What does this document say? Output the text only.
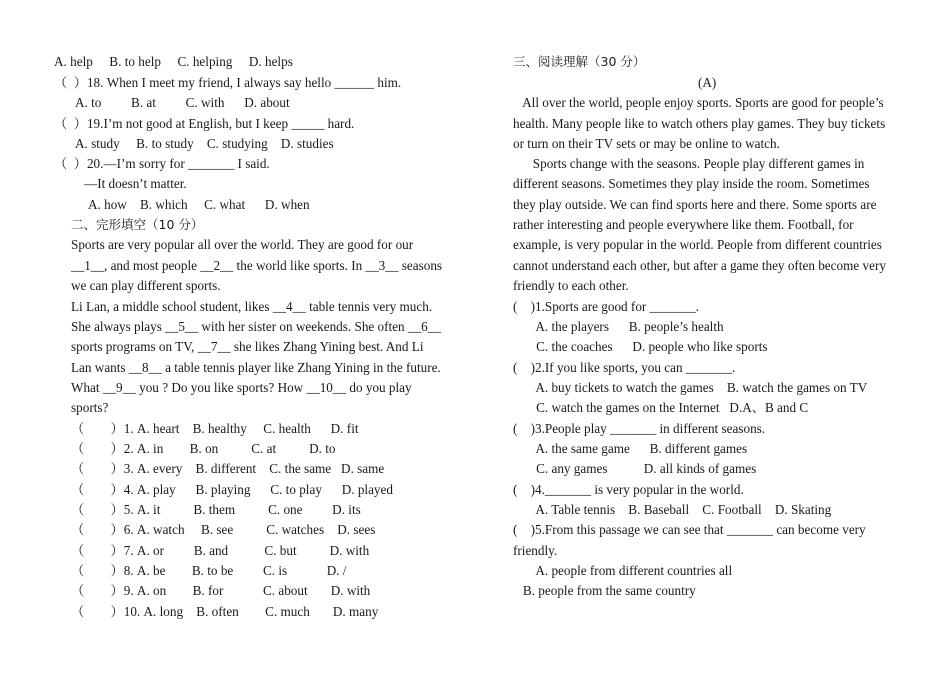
A. help     B. to help     C. helping     D. helps
（  ）18. When I meet my friend, I always say hello ______ him.
A. to         B. at         C. with      D. about
（  ）19.I’m not good at English, but I keep _____ hard.
A. study     B. to study    C. studying    D. studies
（  ）20.—I’m sorry for _______ I said.
—It doesn’t matter.
A. how    B. which     C. what      D. when
二、完形填空（10 分）
Sports are very popular all over the world. They are good for our
__1__, and most people __2__ the world like sports. In __3__ seasons
we can play different sports.
Li Lan, a middle school student, likes __4__ table tennis very much.
She always plays __5__ with her sister on weekends. She often __6__
sports programs on TV, __7__ she likes Zhang Yining best. And Li
Lan wants __8__ a table tennis player like Zhang Yining in the future.
What __9__ you ? Do you like sports? How __10__ do you play
sports?
（        ）1. A. heart    B. healthy     C. health      D. fit
（        ）2. A. in        B. on          C. at          D. to
（        ）3. A. every    B. different    C. the same   D. same
（        ）4. A. play      B. playing      C. to play      D. played
（        ）5. A. it          B. them          C. one         D. its
（        ）6. A. watch     B. see          C. watches    D. sees
（        ）7. A. or         B. and           C. but          D. with
（        ）8. A. be        B. to be         C. is            D. /
（        ）9. A. on        B. for            C. about       D. with
（        ）10. A. long    B. often        C. much       D. many
三、阅读理解（30 分）
(A)
All over the world, people enjoy sports. Sports are good for people’s
health. Many people like to watch others play games. They buy tickets
or turn on their TV sets or may be online to watch.
Sports change with the seasons. People play different games in
different seasons. Sometimes they play inside the room. Sometimes
they play outside. We can find sports here and there. Some sports are
rather interesting and people everywhere like them. Football, for
example, is very popular in the world. People from different countries
cannot understand each other, but after a game they often become very
friendly to each other.
(    )1.Sports are good for _______.
A. the players      B. people’s health
C. the coaches      D. people who like sports
(    )2.If you like sports, you can _______.
A. buy tickets to watch the games    B. watch the games on TV
C. watch the games on the Internet   D.A、B and C
(    )3.People play _______ in different seasons.
A. the same game      B. different games
C. any games           D. all kinds of games
(    )4._______ is very popular in the world.
A. Table tennis    B. Baseball    C. Football    D. Skating
(    )5.From this passage we can see that _______ can become very
friendly.
A. people from different countries all
B. people from the same country
